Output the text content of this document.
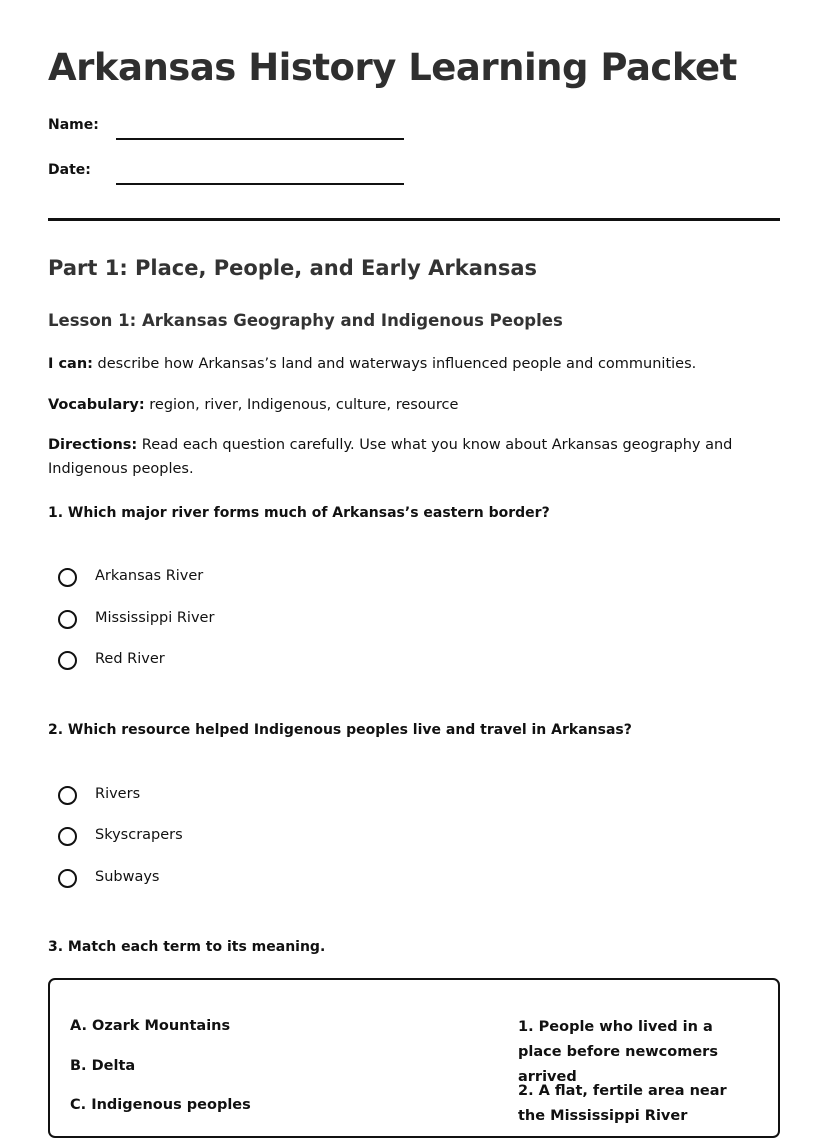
Arkansas History Learning Packet
Name:
Date:
Part 1: Place, People, and Early Arkansas
Lesson 1: Arkansas Geography and Indigenous Peoples

I can: describe how Arkansas’s land and waterways influenced people and communities.

Vocabulary: region, river, Indigenous, culture, resource

Directions: Read each question carefully. Use what you know about Arkansas geography and Indigenous peoples.

1. Which major river forms much of Arkansas’s eastern border?

Arkansas River
Mississippi River
Red River

2. Which resource helped Indigenous peoples live and travel in Arkansas?

Rivers
Skyscrapers
Subways

3. Match each term to its meaning.

A. Ozark Mountains
B. Delta
C. Indigenous peoples
1. People who lived in a place before newcomers arrived
2. A flat, fertile area near the Mississippi River
